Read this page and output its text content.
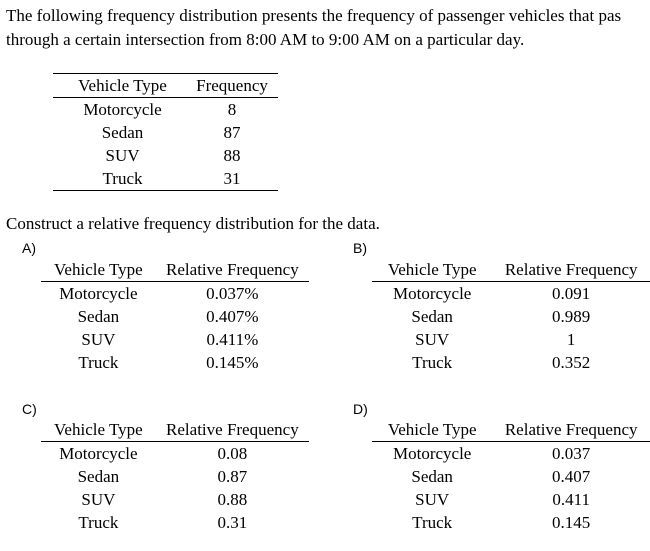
The following frequency distribution presents the frequency of passenger vehicles that pas
through a certain intersection from 8:00 AM to 9:00 AM on a particular day.
Vehicle Type	Frequency
Motorcycle	8
Sedan	87
SUV	88
Truck	31
Construct a relative frequency distribution for the data.
A)
Vehicle Type	Relative Frequency
Motorcycle	0.037%
Sedan	0.407%
SUV	0.411%
Truck	0.145%
B)
Vehicle Type	Relative Frequency
Motorcycle	0.091
Sedan	0.989
SUV	1
Truck	0.352
C)
Vehicle Type	Relative Frequency
Motorcycle	0.08
Sedan	0.87
SUV	0.88
Truck	0.31
D)
Vehicle Type	Relative Frequency
Motorcycle	0.037
Sedan	0.407
SUV	0.411
Truck	0.145
